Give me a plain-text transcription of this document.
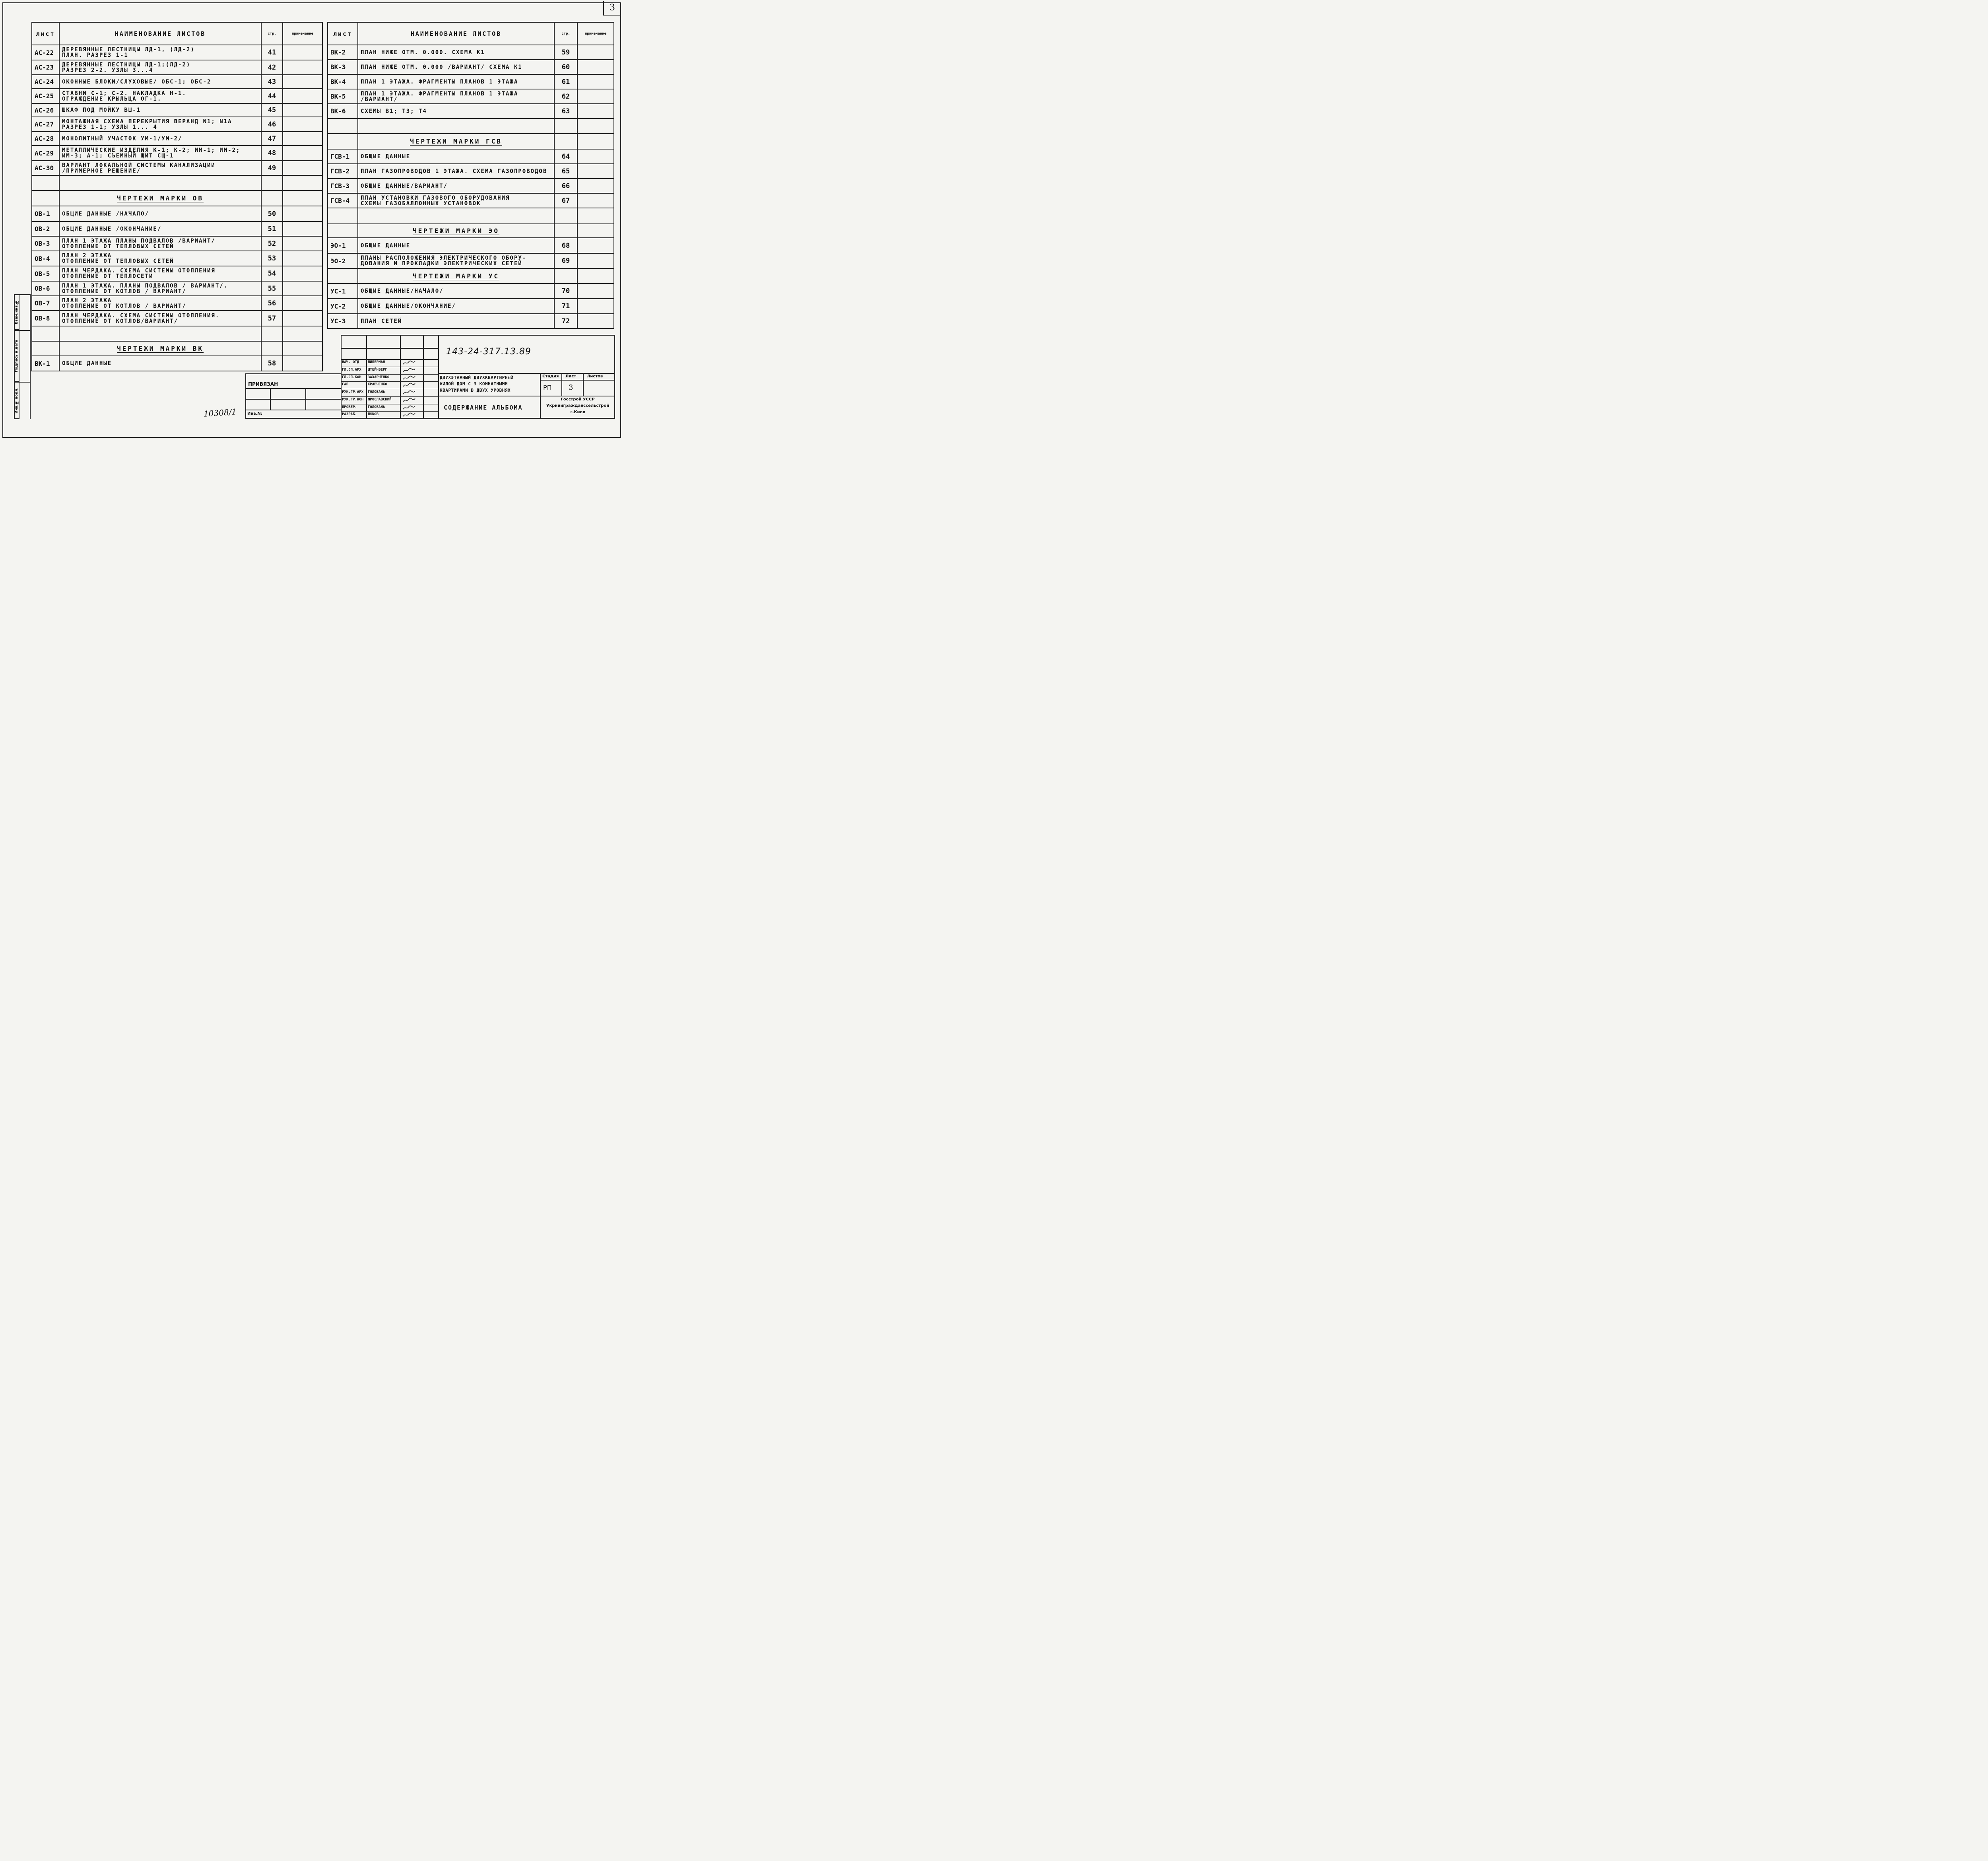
3
лист	НАИМЕНОВАНИЕ ЛИСТОВ	стр.	примечание
АС-22	ДЕРЕВЯННЫЕ ЛЕСТНИЦЫ ЛД-1, (ЛД-2)
ПЛАН. РАЗРЕЗ 1-1	41	
АС-23	ДЕРЕВЯННЫЕ ЛЕСТНИЦЫ ЛД-1;(ЛД-2)
РАЗРЕЗ 2-2. УЗЛЫ 3...4	42	
АС-24	ОКОННЫЕ БЛОКИ/СЛУХОВЫЕ/ ОБС-1; ОБС-2	43	
АС-25	СТАВНИ С-1; С-2. НАКЛАДКА Н-1.
ОГРАЖДЕНИЕ КРЫЛЬЦА ОГ-1.	44	
АС-26	ШКАФ ПОД МОЙКУ ВШ-1	45	
АС-27	МОНТАЖНАЯ СХЕМА ПЕРЕКРЫТИЯ ВЕРАНД N1; N1А
РАЗРЕЗ 1-1; УЗЛЫ 1... 4	46	
АС-28	МОНОЛИТНЫЙ УЧАСТОК УМ-1/УМ-2/	47	
АС-29	МЕТАЛЛИЧЕСКИЕ ИЗДЕЛИЯ К-1; К-2; ИМ-1; ИМ-2;
ИМ-3; А-1; СЪЕМНЫЙ ЩИТ СЩ-1	48	
АС-30	ВАРИАНТ ЛОКАЛЬНОЙ СИСТЕМЫ КАНАЛИЗАЦИИ
/ПРИМЕРНОЕ РЕШЕНИЕ/	49	

	ЧЕРТЕЖИ МАРКИ ОВ		
ОВ-1	ОБЩИЕ ДАННЫЕ /НАЧАЛО/	50	
ОВ-2	ОБЩИЕ ДАННЫЕ /ОКОНЧАНИЕ/	51	
ОВ-3	ПЛАН 1 ЭТАЖА ПЛАНЫ ПОДВАЛОВ /ВАРИАНТ/
ОТОПЛЕНИЕ ОТ ТЕПЛОВЫХ СЕТЕЙ	52	
ОВ-4	ПЛАН 2 ЭТАЖА
ОТОПЛЕНИЕ ОТ ТЕПЛОВЫХ СЕТЕЙ	53	
ОВ-5	ПЛАН ЧЕРДАКА. СХЕМА СИСТЕМЫ ОТОПЛЕНИЯ
ОТОПЛЕНИЕ ОТ ТЕПЛОСЕТИ	54	
ОВ-6	ПЛАН 1 ЭТАЖА. ПЛАНЫ ПОДВАЛОВ / ВАРИАНТ/.
ОТОПЛЕНИЕ ОТ КОТЛОВ / ВАРИАНТ/	55	
ОВ-7	ПЛАН 2 ЭТАЖА
ОТОПЛЕНИЕ ОТ КОТЛОВ / ВАРИАНТ/	56	
ОВ-8	ПЛАН ЧЕРДАКА. СХЕМА СИСТЕМЫ ОТОПЛЕНИЯ.
ОТОПЛЕНИЕ ОТ КОТЛОВ/ВАРИАНТ/	57	

	ЧЕРТЕЖИ МАРКИ ВК		
ВК-1	ОБЩИЕ ДАННЫЕ	58	
лист	НАИМЕНОВАНИЕ ЛИСТОВ	стр.	примечание
ВК-2	ПЛАН НИЖЕ ОТМ. 0.000. СХЕМА К1	59	
ВК-3	ПЛАН НИЖЕ ОТМ. 0.000 /ВАРИАНТ/ СХЕМА К1	60	
ВК-4	ПЛАН 1 ЭТАЖА. ФРАГМЕНТЫ ПЛАНОВ 1 ЭТАЖА	61	
ВК-5	ПЛАН 1 ЭТАЖА. ФРАГМЕНТЫ ПЛАНОВ 1 ЭТАЖА
/ВАРИАНТ/	62	
ВК-6	СХЕМЫ В1; Т3; Т4	63	

	ЧЕРТЕЖИ МАРКИ ГСВ		
ГСВ-1	ОБЩИЕ ДАННЫЕ	64	
ГСВ-2	ПЛАН ГАЗОПРОВОДОВ 1 ЭТАЖА. СХЕМА ГАЗОПРОВОДОВ	65	
ГСВ-3	ОБЩИЕ ДАННЫЕ/ВАРИАНТ/	66	
ГСВ-4	ПЛАН УСТАНОВКИ ГАЗОВОГО ОБОРУДОВАНИЯ
СХЕМЫ ГАЗОБАЛЛОННЫХ УСТАНОВОК	67	

	ЧЕРТЕЖИ МАРКИ ЭО		
ЭО-1	ОБЩИЕ ДАННЫЕ	68	
ЭО-2	ПЛАНЫ РАСПОЛОЖЕНИЯ ЭЛЕКТРИЧЕСКОГО ОБОРУ-
ДОВАНИЯ И ПРОКЛАДКИ ЭЛЕКТРИЧЕСКИХ СЕТЕЙ	69	
	ЧЕРТЕЖИ МАРКИ УС		
УС-1	ОБЩИЕ ДАННЫЕ/НАЧАЛО/	70	
УС-2	ОБЩИЕ ДАННЫЕ/ОКОНЧАНИЕ/	71	
УС-3	ПЛАН СЕТЕЙ	72	
Взам.инв.№
Подпись и дата
Инв.№ подл.
ПРИВЯЗАН
Инв.№
10308/1
НАЧ. ОТД ЛИБЕРМАН
ГЛ.СП.АРХ ШТЕЙНБЕРГ
ГЛ.СП.КОН ЗАХАРЧЕНКО
ГАП	КРАВЧЕНКО
РУК.ГР.АРХ ГОЛОВАНЬ
РУК.ГР.КОН ЯРОСЛАВСКИЙ
ПРОВЕР.	ГОЛОВАНЬ
РАЗРАБ.	ЛЫКОВ
143-24-317.13.89
ДВУХЭТАЖНЫЙ ДВУХКВАРТИРНЫЙ
ЖИЛОЙ ДОМ С 3 КОМНАТНЫМИ
КВАРТИРАМИ В ДВУХ УРОВНЯХ
Стадия Лист	Листов
РП 3
СОДЕРЖАНИЕ АЛЬБОМА
Госстрой УССР
Укрниигражданссельстрой
г.Киев
